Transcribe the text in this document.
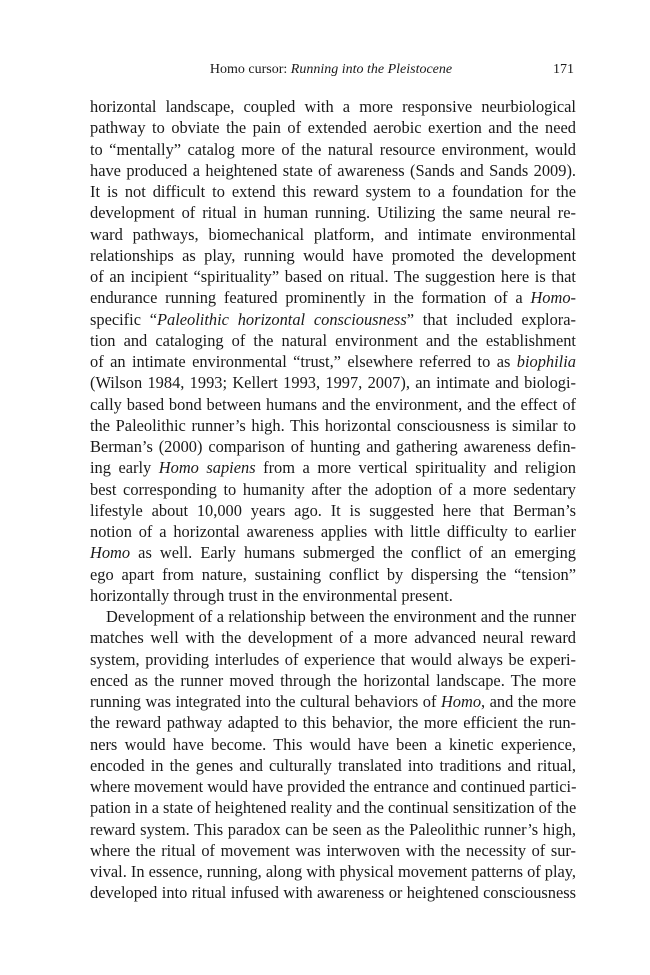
Homo cursor: Running into the Pleistocene	171
horizontal landscape, coupled with a more responsive neurbiological
pathway to obviate the pain of extended aerobic exertion and the need
to “mentally” catalog more of the natural resource environment, would
have produced a heightened state of awareness (Sands and Sands 2009).
It is not difficult to extend this reward system to a foundation for the
development of ritual in human running. Utilizing the same neural re-
ward pathways, biomechanical platform, and intimate environmental
relationships as play, running would have promoted the development
of an incipient “spirituality” based on ritual. The suggestion here is that
endurance running featured prominently in the formation of a Homo-
specific “Paleolithic horizontal consciousness” that included explora-
tion and cataloging of the natural environment and the establishment
of an intimate environmental “trust,” elsewhere referred to as biophilia
(Wilson 1984, 1993; Kellert 1993, 1997, 2007), an intimate and biologi-
cally based bond between humans and the environment, and the effect of
the Paleolithic runner’s high. This horizontal consciousness is similar to
Berman’s (2000) comparison of hunting and gathering awareness defin-
ing early Homo sapiens from a more vertical spirituality and religion
best corresponding to humanity after the adoption of a more sedentary
lifestyle about 10,000 years ago. It is suggested here that Berman’s
notion of a horizontal awareness applies with little difficulty to earlier
Homo as well. Early humans submerged the conflict of an emerging
ego apart from nature, sustaining conflict by dispersing the “tension”
horizontally through trust in the environmental present.
Development of a relationship between the environment and the runner
matches well with the development of a more advanced neural reward
system, providing interludes of experience that would always be experi-
enced as the runner moved through the horizontal landscape. The more
running was integrated into the cultural behaviors of Homo, and the more
the reward pathway adapted to this behavior, the more efficient the run-
ners would have become. This would have been a kinetic experience,
encoded in the genes and culturally translated into traditions and ritual,
where movement would have provided the entrance and continued partici-
pation in a state of heightened reality and the continual sensitization of the
reward system. This paradox can be seen as the Paleolithic runner’s high,
where the ritual of movement was interwoven with the necessity of sur-
vival. In essence, running, along with physical movement patterns of play,
developed into ritual infused with awareness or heightened consciousness
